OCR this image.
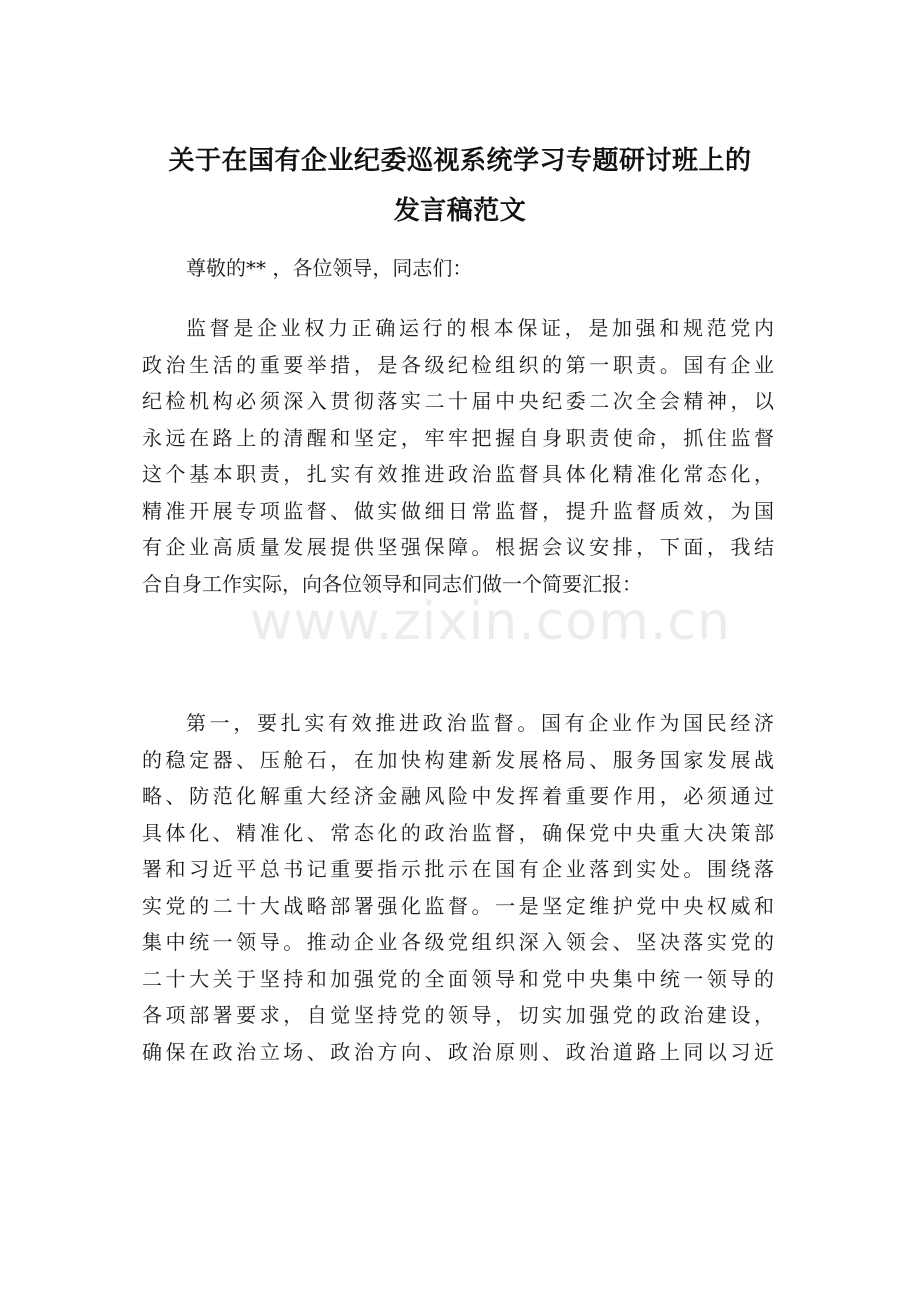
关于在国有企业纪委巡视系统学习专题研讨班上的
发言稿范文
尊敬的** ，各位领导，同志们：
www.zixin.com.cn
监督是企业权力正确运行的根本保证，是加强和规范党内
政治生活的重要举措，是各级纪检组织的第一职责。国有企业
纪检机构必须深入贯彻落实二十届中央纪委二次全会精神，以
永远在路上的清醒和坚定，牢牢把握自身职责使命，抓住监督
这个基本职责，扎实有效推进政治监督具体化精准化常态化，
精准开展专项监督、做实做细日常监督，提升监督质效，为国
有企业高质量发展提供坚强保障。根据会议安排，下面，我结
合自身工作实际，向各位领导和同志们做一个简要汇报：
第一，要扎实有效推进政治监督。国有企业作为国民经济
的稳定器、压舱石，在加快构建新发展格局、服务国家发展战
略、防范化解重大经济金融风险中发挥着重要作用，必须通过
具体化、精准化、常态化的政治监督，确保党中央重大决策部
署和习近平总书记重要指示批示在国有企业落到实处。围绕落
实党的二十大战略部署强化监督。一是坚定维护党中央权威和
集中统一领导。推动企业各级党组织深入领会、坚决落实党的
二十大关于坚持和加强党的全面领导和党中央集中统一领导的
各项部署要求，自觉坚持党的领导，切实加强党的政治建设，
确保在政治立场、政治方向、政治原则、政治道路上同以习近
